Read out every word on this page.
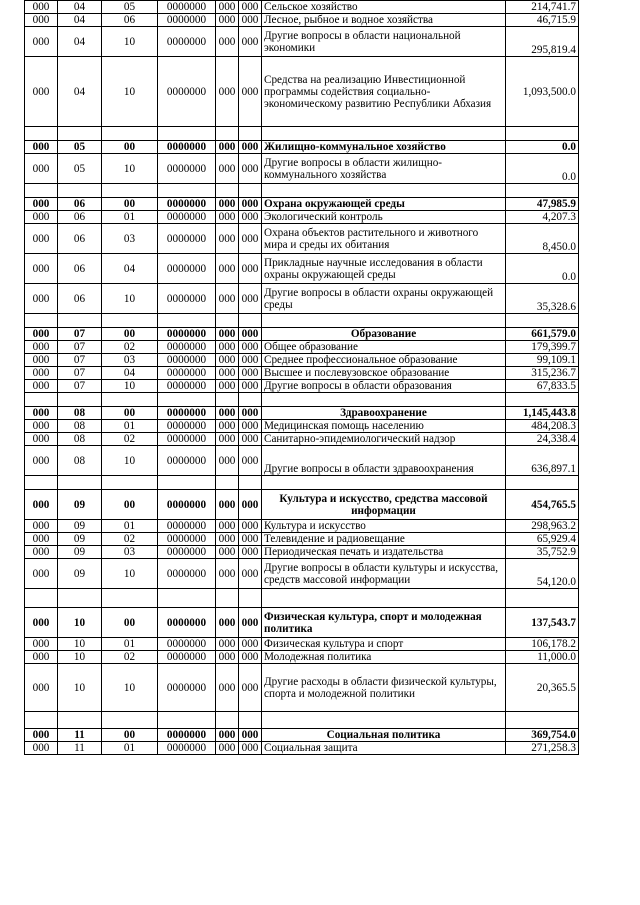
000	04	05	0000000	000	000	Сельское хозяйство	214,741.7
000	04	06	0000000	000	000	Лесное, рыбное и водное хозяйства	46,715.9
000	04	10	0000000	000	000	Другие вопросы в области национальной экономики	295,819.4
000	04	10	0000000	000	000	Средства на реализацию Инвестиционной программы содействия социально-экономическому развитию Республики Абхазия	1,093,500.0

000	05	00	0000000	000	000	Жилищно-коммунальное хозяйство	0.0
000	05	10	0000000	000	000	Другие вопросы в области жилищно-коммунального хозяйства	0.0

000	06	00	0000000	000	000	Охрана окружающей среды	47,985.9
000	06	01	0000000	000	000	Экологический контроль	4,207.3
000	06	03	0000000	000	000	Охрана объектов растительного и животного мира и среды их обитания	8,450.0
000	06	04	0000000	000	000	Прикладные научные исследования в области охраны окружающей среды	0.0
000	06	10	0000000	000	000	Другие вопросы в области охраны окружающей среды	35,328.6

000	07	00	0000000	000	000	Образование	661,579.0
000	07	02	0000000	000	000	Общее образование	179,399.7
000	07	03	0000000	000	000	Среднее профессиональное образование	99,109.1
000	07	04	0000000	000	000	Высшее и послевузовское образование	315,236.7
000	07	10	0000000	000	000	Другие вопросы в области образования	67,833.5

000	08	00	0000000	000	000	Здравоохранение	1,145,443.8
000	08	01	0000000	000	000	Медицинская помощь населению	484,208.3
000	08	02	0000000	000	000	Санитарно-эпидемиологический надзор	24,338.4
000	08	10	0000000	000	000	Другие вопросы в области здравоохранения	636,897.1

000	09	00	0000000	000	000	Культура и искусство, средства массовой информации	454,765.5
000	09	01	0000000	000	000	Культура и искусство	298,963.2
000	09	02	0000000	000	000	Телевидение и радиовещание	65,929.4
000	09	03	0000000	000	000	Периодическая печать и издательства	35,752.9
000	09	10	0000000	000	000	Другие вопросы в области культуры и искусства, средств массовой информации	54,120.0

000	10	00	0000000	000	000	Физическая культура, спорт и молодежная политика	137,543.7
000	10	01	0000000	000	000	Физическая культура и спорт	106,178.2
000	10	02	0000000	000	000	Молодежная политика	11,000.0
000	10	10	0000000	000	000	Другие расходы в области физической культуры, спорта и молодежной политики	20,365.5

000	11	00	0000000	000	000	Социальная политика	369,754.0
000	11	01	0000000	000	000	Социальная защита	271,258.3
